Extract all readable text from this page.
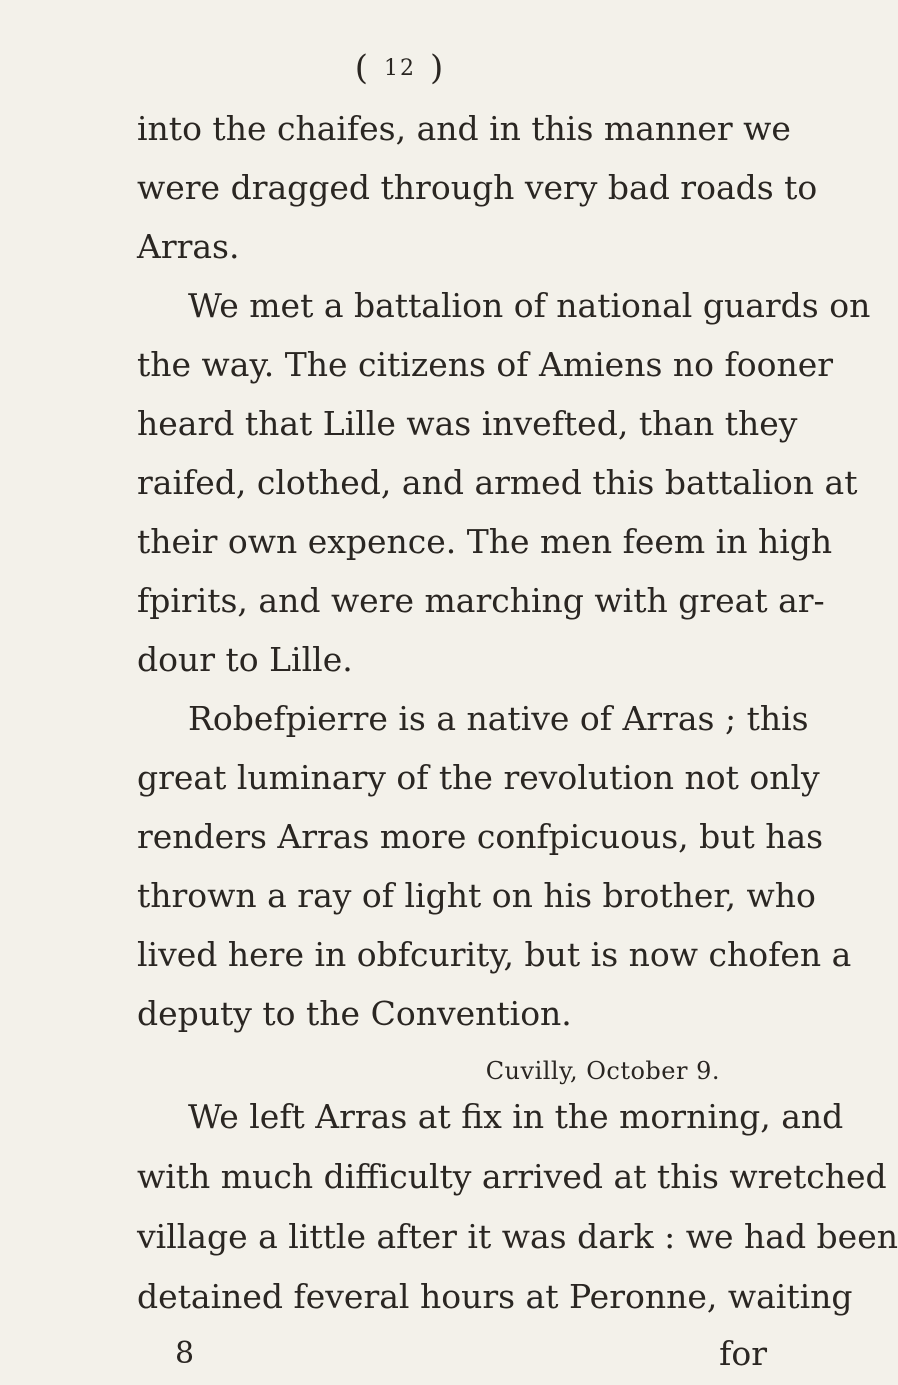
( 12 )
into the chaifes, and in this manner we
were dragged through very bad roads to
Arras.
We met a battalion of national guards on
the way. The citizens of Amiens no fooner
heard that Lille was invefted, than they
raifed, clothed, and armed this battalion at
their own expence. The men feem in high
fpirits, and were marching with great ar-
dour to Lille.
Robefpierre is a native of Arras ; this
great luminary of the revolution not only
renders Arras more confpicuous, but has
thrown a ray of light on his brother, who
lived here in obfcurity, but is now chofen a
deputy to the Convention.
Cuvilly, October 9.
We left Arras at fix in the morning, and
with much difficulty arrived at this wretched
village a little after it was dark : we had been
detained feveral hours at Peronne, waiting
8	for
